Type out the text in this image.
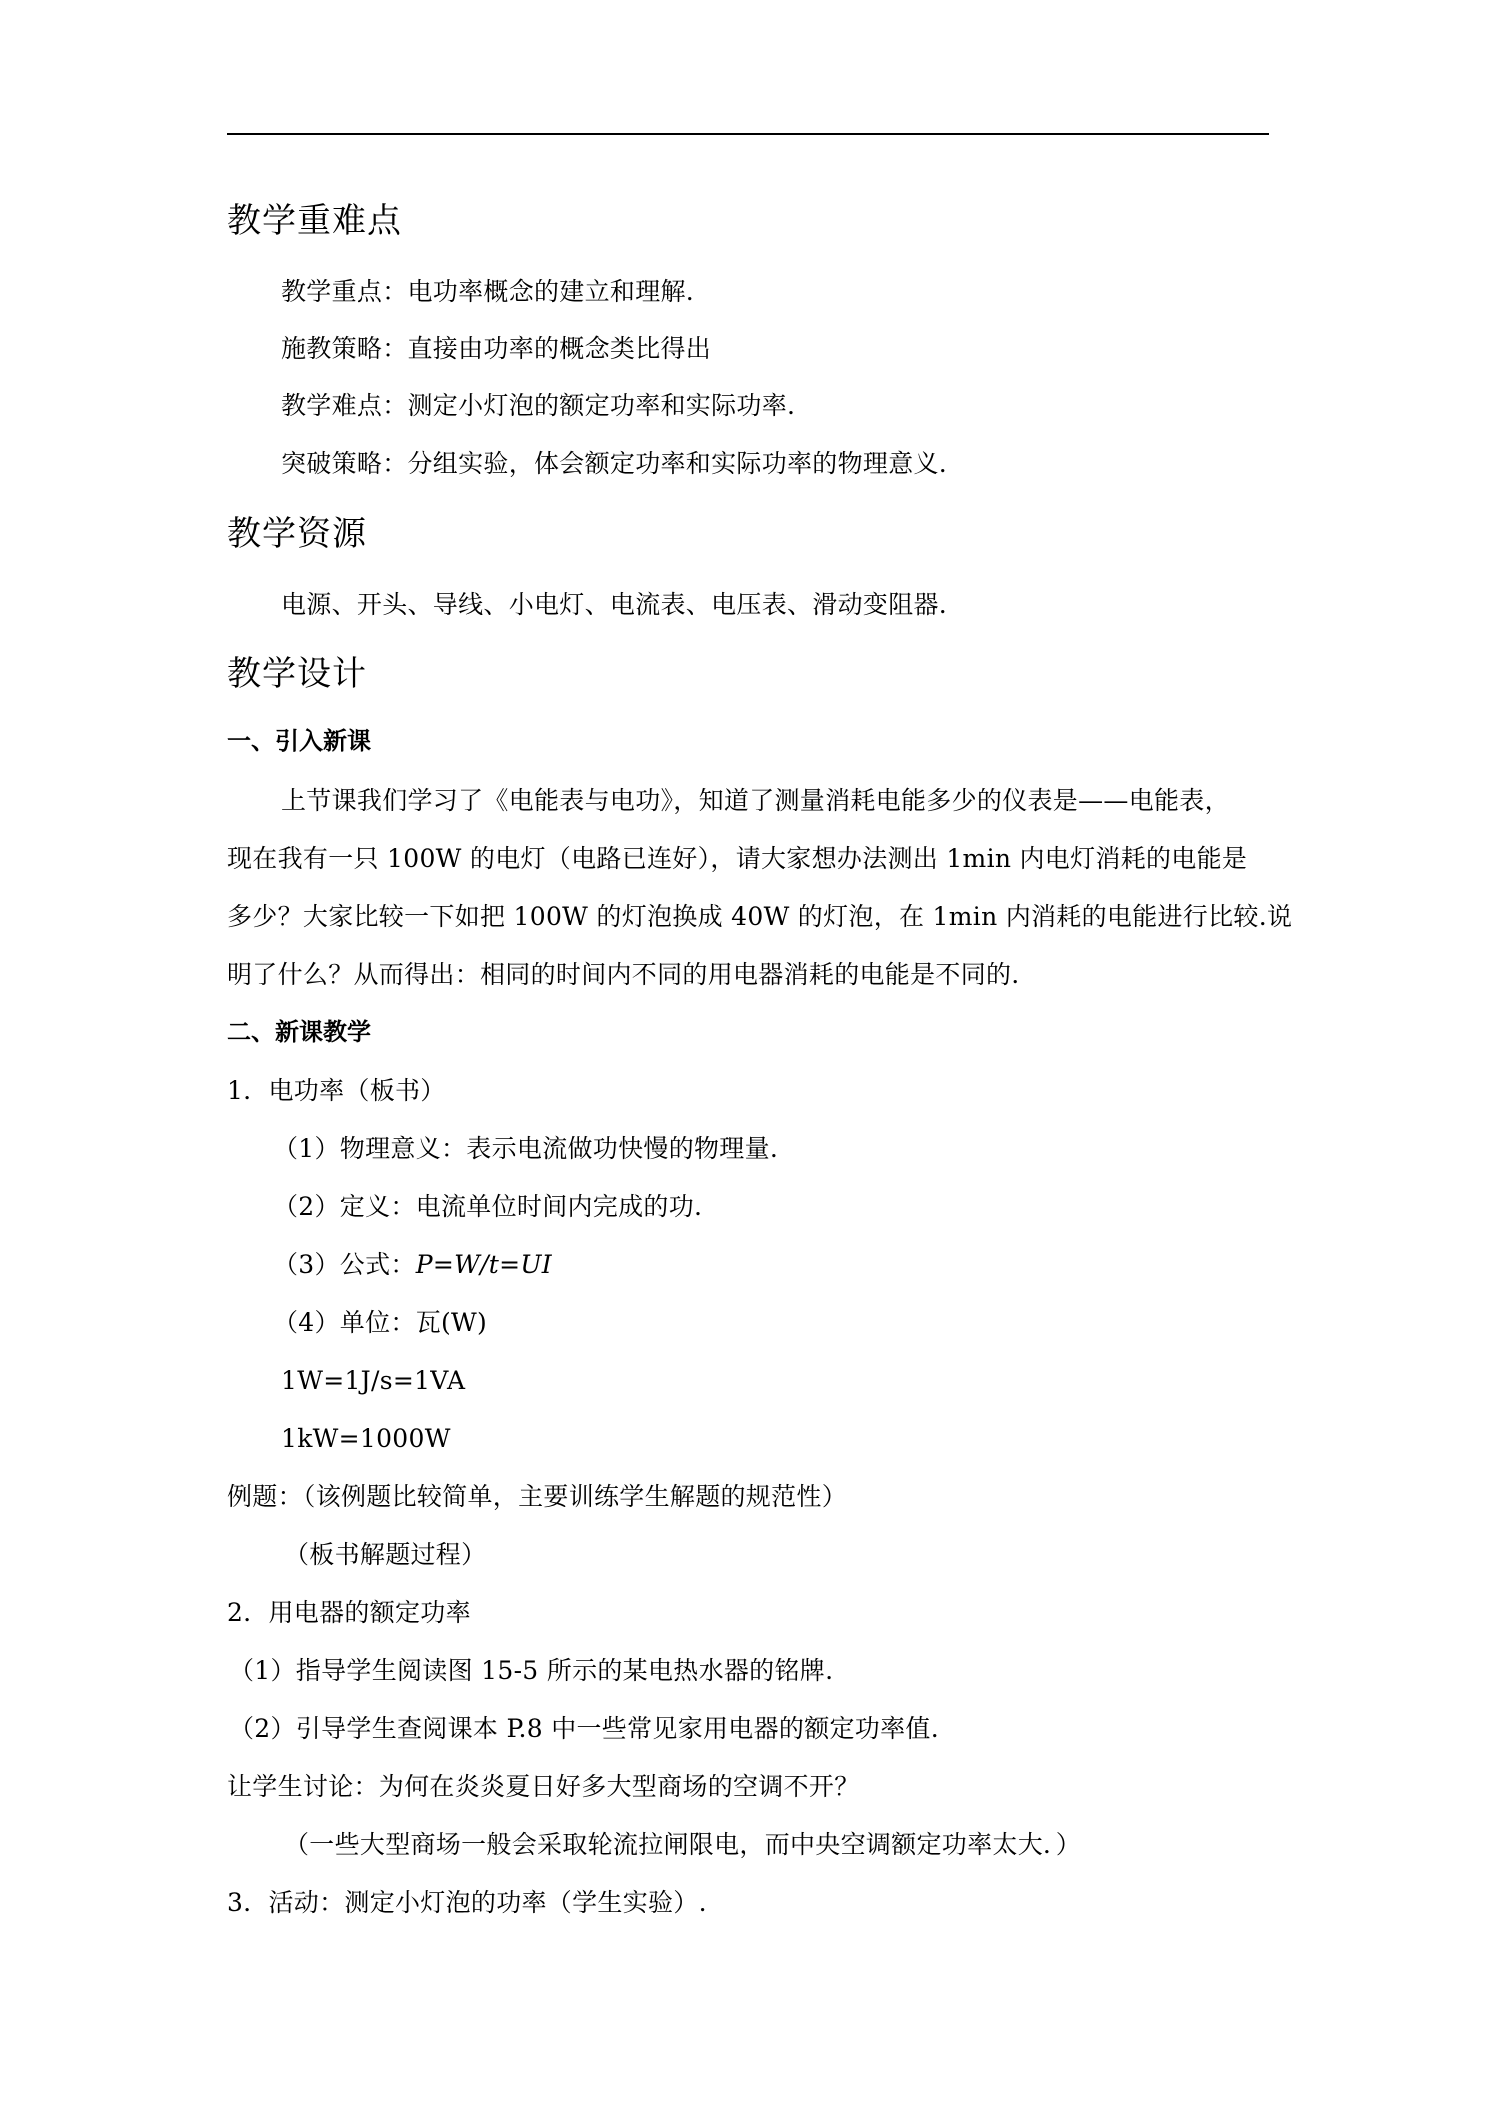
教学重难点
教学重点：电功率概念的建立和理解.
施教策略：直接由功率的概念类比得出
教学难点：测定小灯泡的额定功率和实际功率.
突破策略：分组实验，体会额定功率和实际功率的物理意义.
教学资源
电源、开头、导线、小电灯、电流表、电压表、滑动变阻器.
教学设计
一、引入新课
上节课我们学习了《电能表与电功》，知道了测量消耗电能多少的仪表是——电能表，
现在我有一只 100W 的电灯（电路已连好），请大家想办法测出 1min 内电灯消耗的电能是
多少？大家比较一下如把 100W 的灯泡换成 40W 的灯泡，在 1min 内消耗的电能进行比较.说
明了什么？从而得出：相同的时间内不同的用电器消耗的电能是不同的.
二、新课教学
1．电功率（板书）
（1）物理意义：表示电流做功快慢的物理量.
（2）定义：电流单位时间内完成的功.
（3）公式：P=W/t=UI
（4）单位：瓦(W)
1W=1J/s=1VA
1kW=1000W
例题：（该例题比较简单，主要训练学生解题的规范性）
（板书解题过程）
2．用电器的额定功率
（1）指导学生阅读图 15-5 所示的某电热水器的铭牌.
（2）引导学生查阅课本 P.8 中一些常见家用电器的额定功率值.
让学生讨论：为何在炎炎夏日好多大型商场的空调不开？
（一些大型商场一般会采取轮流拉闸限电，而中央空调额定功率太大．）
3．活动：测定小灯泡的功率（学生实验）.
